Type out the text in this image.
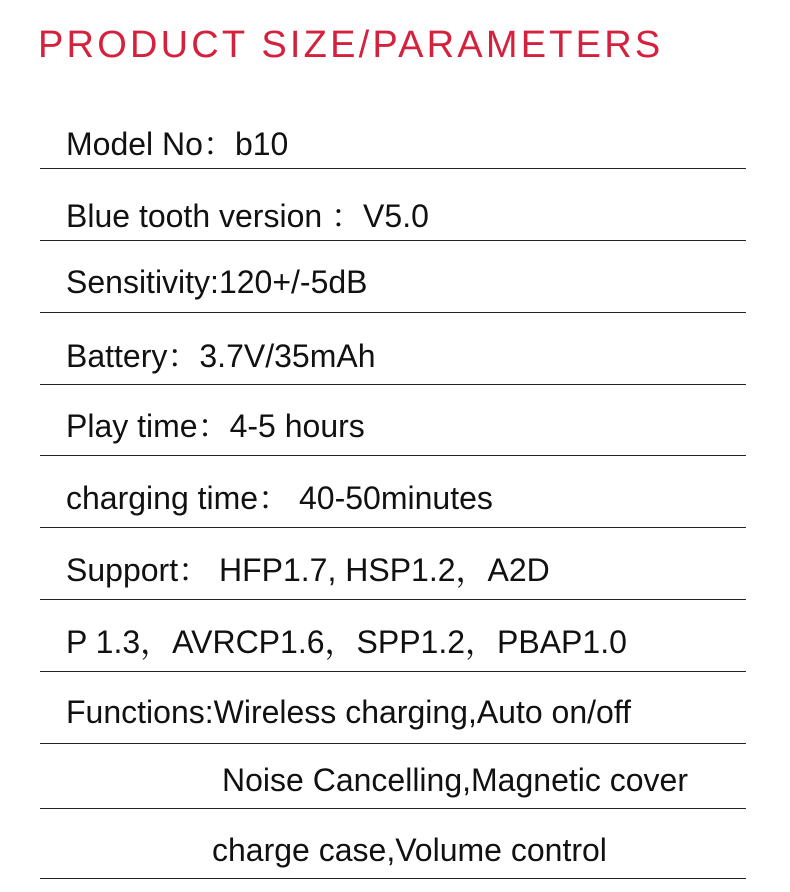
PRODUCT SIZE/PARAMETERS
Model No：b10
Blue tooth version ：V5.0
Sensitivity:120+/-5dB
Battery：3.7V/35mAh
Play time：4-5 hours
charging time： 40-50minutes
Support： HFP1.7, HSP1.2，A2D
P 1.3，AVRCP1.6，SPP1.2，PBAP1.0
Functions:Wireless charging,Auto on/off
Noise Cancelling,Magnetic cover
charge case,Volume control
